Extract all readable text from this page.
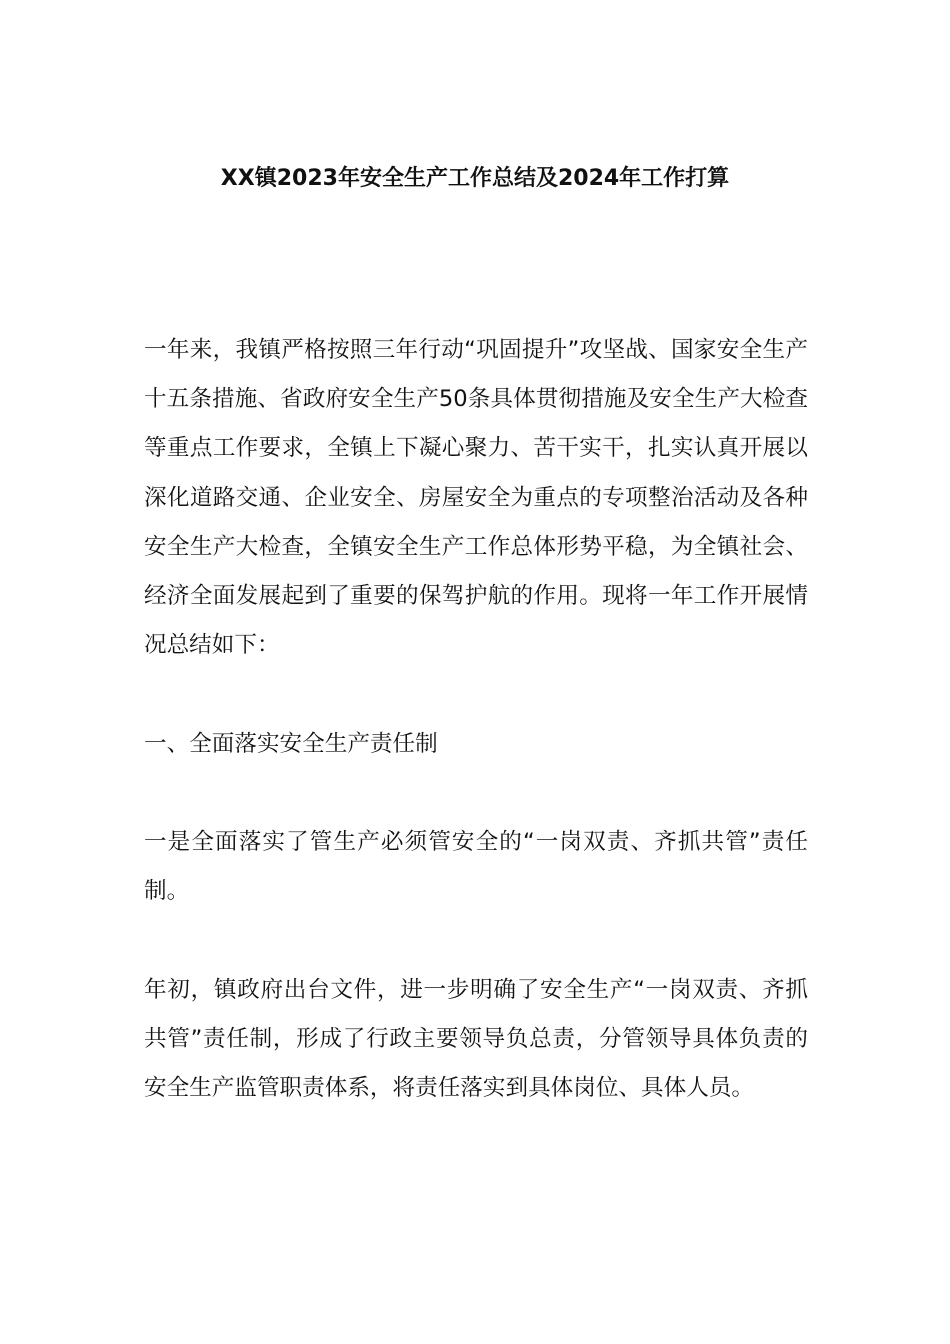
XX镇2023年安全生产工作总结及2024年工作打算

一年来，我镇严格按照三年行动“巩固提升”攻坚战、国家安全生产十五条措施、省政府安全生产50条具体贯彻措施及安全生产大检查等重点工作要求，全镇上下凝心聚力、苦干实干，扎实认真开展以深化道路交通、企业安全、房屋安全为重点的专项整治活动及各种安全生产大检查，全镇安全生产工作总体形势平稳，为全镇社会、经济全面发展起到了重要的保驾护航的作用。现将一年工作开展情况总结如下：

一、全面落实安全生产责任制

一是全面落实了管生产必须管安全的“一岗双责、齐抓共管”责任制。

年初，镇政府出台文件，进一步明确了安全生产“一岗双责、齐抓共管”责任制，形成了行政主要领导负总责，分管领导具体负责的安全生产监管职责体系，将责任落实到具体岗位、具体人员。
